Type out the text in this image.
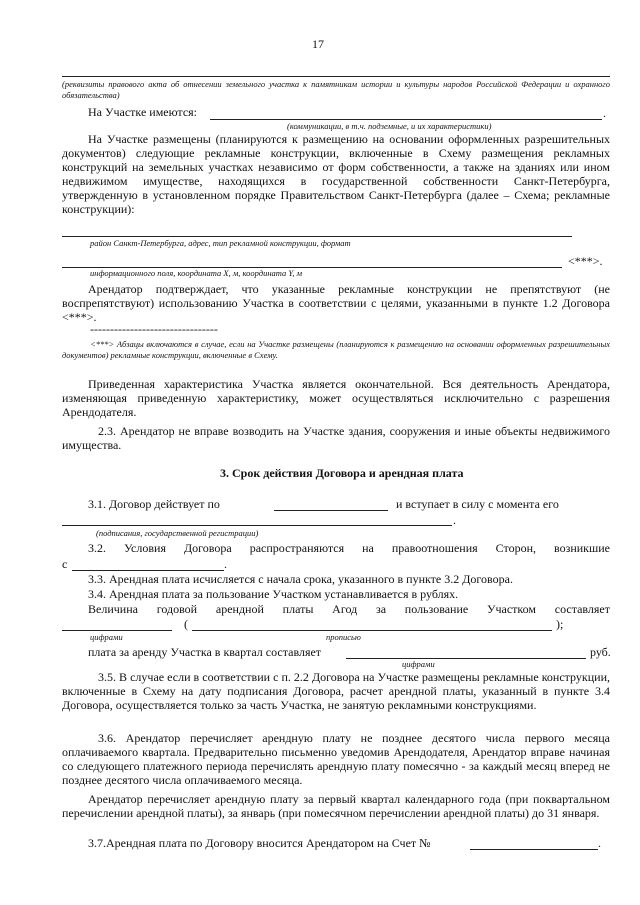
17
(реквизиты правового акта об отнесении земельного участка к памятникам истории и культуры народов Российской Федерации и охранного обязательства)
На Участке имеются:	.
(коммуникации, в т.ч. подземные, и их характеристики)
На Участке размещены (планируются к размещению на основании оформленных разрешительных документов) следующие рекламные конструкции, включенные в Схему размещения рекламных конструкций на земельных участках независимо от форм собственности, а также на зданиях или ином недвижимом имуществе, находящихся в государственной собственности Санкт-Петербурга, утвержденную в установленном порядке Правительством Санкт-Петербурга (далее – Схема; рекламные конструкции):
район Санкт-Петербурга, адрес, тип рекламной конструкции, формат
<***>.
информационного поля, координата X, м, координата Y, м
Арендатор подтверждает, что указанные рекламные конструкции не препятствуют (не воспрепятствуют) использованию Участка в соответствии с целями, указанными в пункте 1.2 Договора <***>.
--------------------------------
<***> Абзацы включаются в случае, если на Участке размещены (планируются к размещению на основании оформленных разрешительных документов) рекламные конструкции, включенные в Схему.
Приведенная характеристика Участка является окончательной. Вся деятельность Арендатора, изменяющая приведенную характеристику, может осуществляться исключительно с разрешения Арендодателя.
2.3. Арендатор не вправе возводить на Участке здания, сооружения и иные объекты недвижимого имущества.
3. Срок действия Договора и арендная плата
3.1. Договор действует по	и вступает в силу с момента его
.
(подписания, государственной регистрации)
3.2. Условия Договора распространяются на правоотношения Сторон, возникшие
с	.
3.3. Арендная плата исчисляется с начала срока, указанного в пункте 3.2 Договора.
3.4. Арендная плата за пользование Участком устанавливается в рублях.
Величина годовой арендной платы Агод за пользование Участком составляет
(	);
цифрами	прописью
плата за аренду Участка в квартал составляет	руб.
цифрами
3.5. В случае если в соответствии с п. 2.2 Договора на Участке размещены рекламные конструкции, включенные в Схему на дату подписания Договора, расчет арендной платы, указанный в пункте 3.4 Договора, осуществляется только за часть Участка, не занятую рекламными конструкциями.
3.6. Арендатор перечисляет арендную плату не позднее десятого числа первого месяца оплачиваемого квартала. Предварительно письменно уведомив Арендодателя, Арендатор вправе начиная со следующего платежного периода перечислять арендную плату помесячно - за каждый месяц вперед не позднее десятого числа оплачиваемого месяца.
Арендатор перечисляет арендную плату за первый квартал календарного года (при поквартальном перечислении арендной платы), за январь (при помесячном перечислении арендной платы) до 31 января.
3.7.Арендная плата по Договору вносится Арендатором на Счет №	.
